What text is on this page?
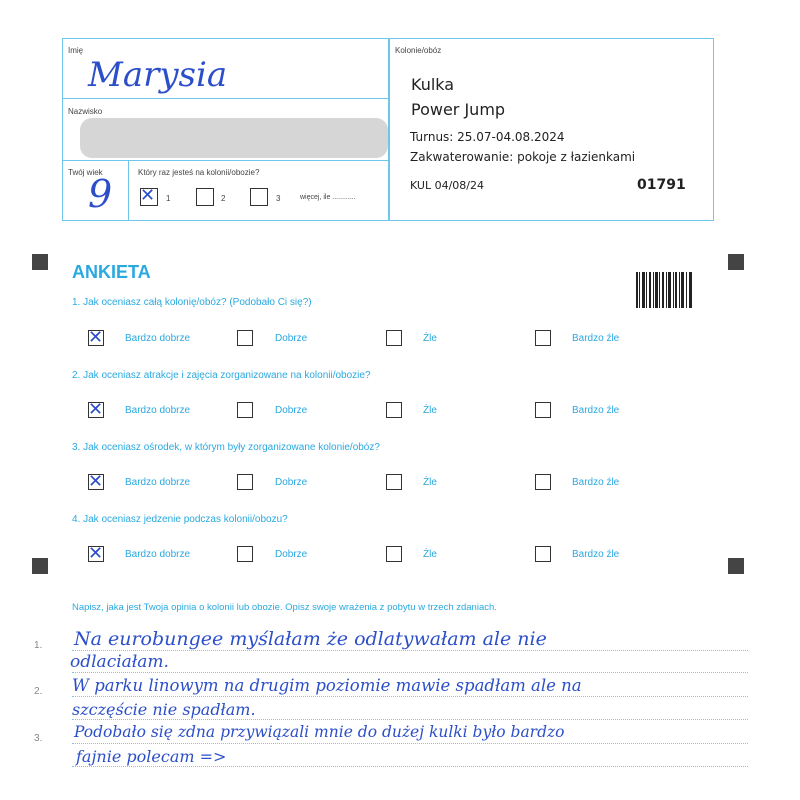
Imię
Marysia
Nazwisko
Twój wiek
9	Który raz jesteś na kolonii/obozie?
✕ 1	2	3	więcej, ile ............
Kolonie/obóz
Kulka
Power Jump
Turnus: 25.07-04.08.2024
Zakwaterowanie: pokoje z łazienkami
KUL 04/08/24	01791
ANKIETA
1. Jak oceniasz całą kolonię/obóz? (Podobało Ci się?)
✕ Bardzo dobrze	Dobrze	Źle	Bardzo źle
2. Jak oceniasz atrakcje i zajęcia zorganizowane na kolonii/obozie?
✕ Bardzo dobrze	Dobrze	Źle	Bardzo źle
3. Jak oceniasz ośrodek, w którym były zorganizowane kolonie/obóz?
✕ Bardzo dobrze	Dobrze	Źle	Bardzo źle
4. Jak oceniasz jedzenie podczas kolonii/obozu?
✕ Bardzo dobrze	Dobrze	Źle	Bardzo źle
Napisz, jaka jest Twoja opinia o kolonii lub obozie. Opisz swoje wrażenia z pobytu w trzech zdaniach.
1.
2.
3.
Na eurobungee myślałam że odlatywałam ale nie
odlaciałam.
W parku linowym na drugim poziomie mawie spadłam ale na
szczęście nie spadłam.
Podobało się zdna przywiązali mnie do dużej kulki było bardzo
fajnie polecam =>
